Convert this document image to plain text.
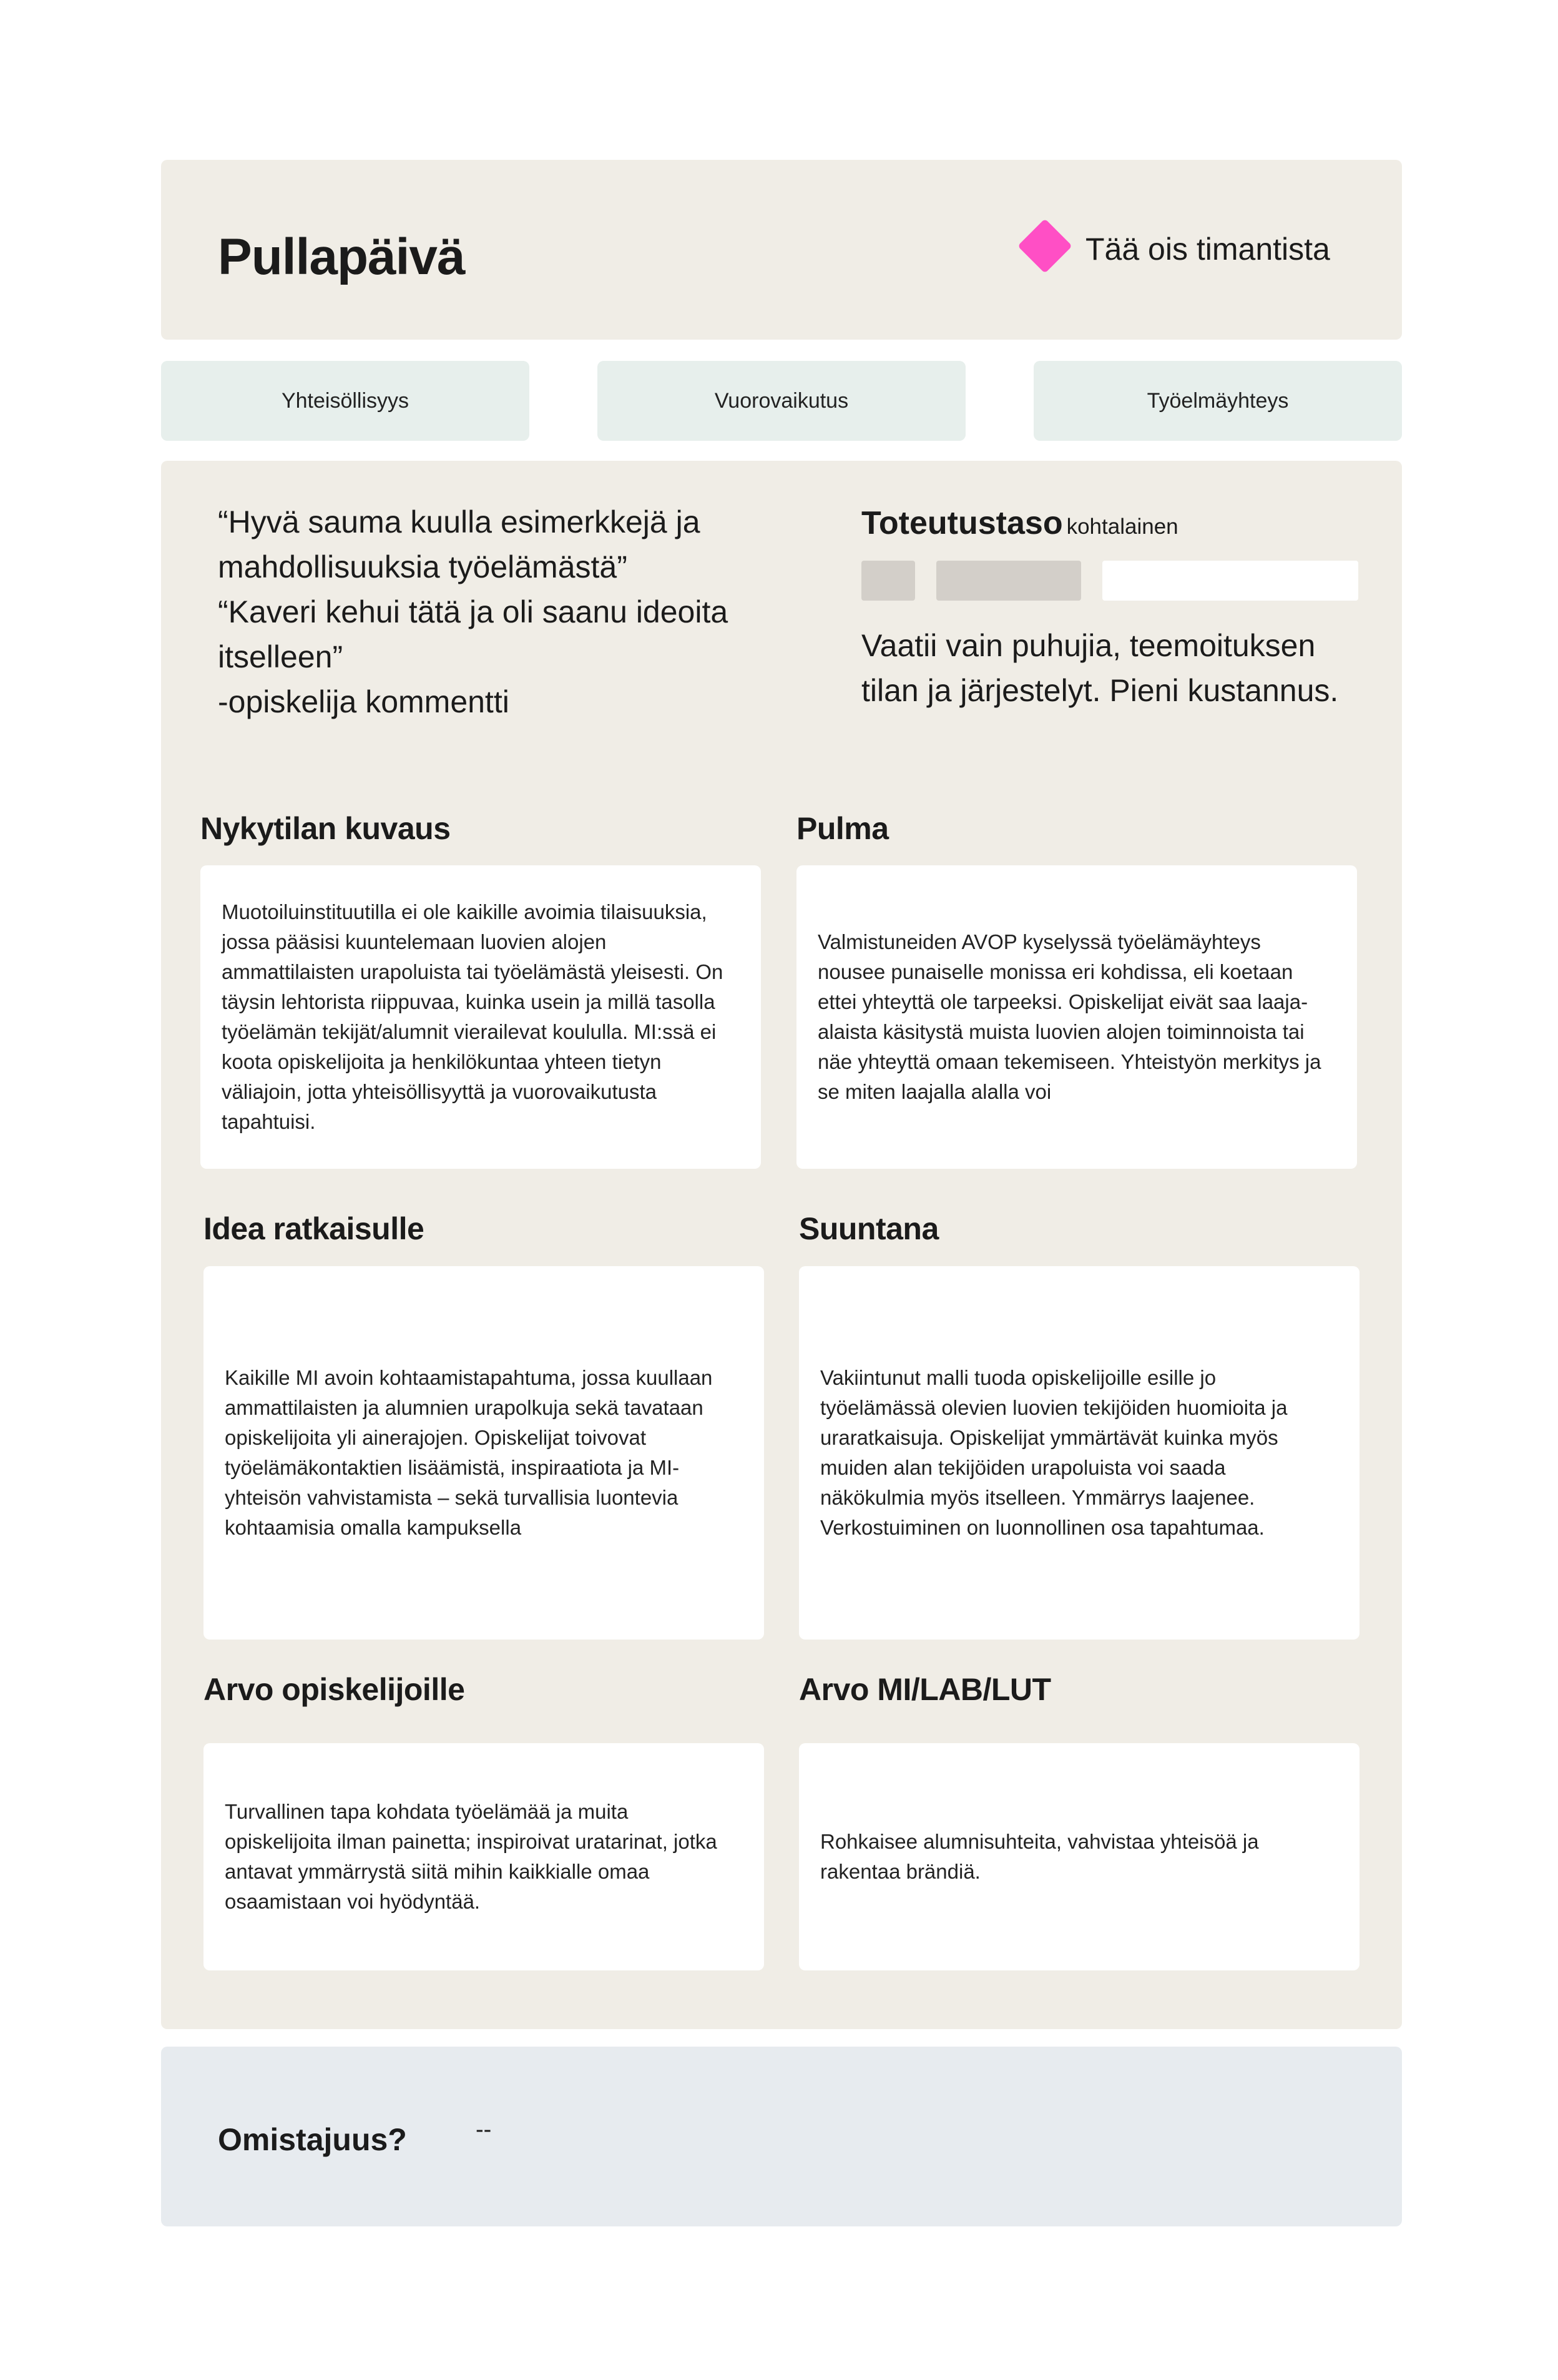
Pullapäivä	Tää ois timantista
Yhteisöllisyys	Vuorovaikutus	Työelmäyhteys
“Hyvä sauma kuulla esimerkkejä ja
mahdollisuuksia työelämästä”
“Kaveri kehui tätä ja oli saanu ideoita
itselleen”
-opiskelija kommentti
Toteutustaso kohtalainen
Vaatii vain puhujia, teemoituksen
tilan ja järjestelyt. Pieni kustannus.
Nykytilan kuvaus

Muotoiluinstituutilla ei ole kaikille avoimia tilaisuuksia,
jossa pääsisi kuuntelemaan luovien alojen
ammattilaisten urapoluista tai työelämästä yleisesti. On
täysin lehtorista riippuvaa, kuinka usein ja millä tasolla
työelämän tekijät/alumnit vierailevat koululla. MI:ssä ei
koota opiskelijoita ja henkilökuntaa yhteen tietyn
väliajoin, jotta yhteisöllisyyttä ja vuorovaikutusta
tapahtuisi.

Pulma

Valmistuneiden AVOP kyselyssä työelämäyhteys
nousee punaiselle monissa eri kohdissa, eli koetaan
ettei yhteyttä ole tarpeeksi. Opiskelijat eivät saa laaja-
alaista käsitystä muista luovien alojen toiminnoista tai
näe yhteyttä omaan tekemiseen. Yhteistyön merkitys ja
se miten laajalla alalla voi

Idea ratkaisulle

Kaikille MI avoin kohtaamistapahtuma, jossa kuullaan
ammattilaisten ja alumnien urapolkuja sekä tavataan
opiskelijoita yli ainerajojen. Opiskelijat toivovat
työelämäkontaktien lisäämistä, inspiraatiota ja MI-
yhteisön vahvistamista – sekä turvallisia luontevia
kohtaamisia omalla kampuksella

Suuntana

Vakiintunut malli tuoda opiskelijoille esille jo
työelämässä olevien luovien tekijöiden huomioita ja
uraratkaisuja. Opiskelijat ymmärtävät kuinka myös
muiden alan tekijöiden urapoluista voi saada
näkökulmia myös itselleen. Ymmärrys laajenee.
Verkostuiminen on luonnollinen osa tapahtumaa.

Arvo opiskelijoille

Turvallinen tapa kohdata työelämää ja muita
opiskelijoita ilman painetta; inspiroivat uratarinat, jotka
antavat ymmärrystä siitä mihin kaikkialle omaa
osaamistaan voi hyödyntää.

Arvo MI/LAB/LUT

Rohkaisee alumnisuhteita, vahvistaa yhteisöä ja
rakentaa brändiä.

Omistajuus?	--
